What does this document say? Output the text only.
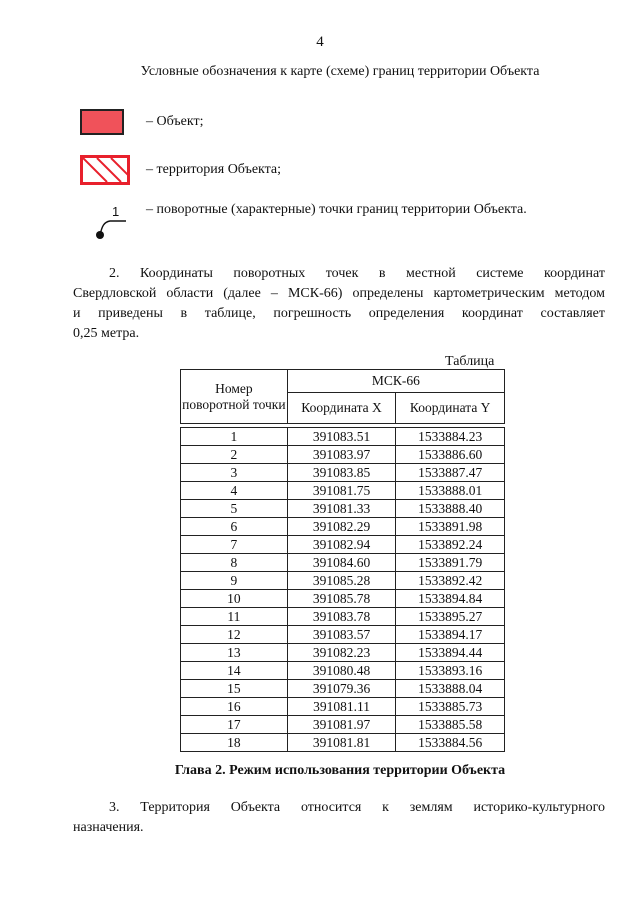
4
Условные обозначения к карте (схеме) границ территории Объекта
– Объект;
– территория Объекта;
1 – поворотные (характерные) точки границ территории Объекта.
2. Координаты поворотных точек в местной системе координат
Свердловской области (далее – МСК-66) определены картометрическим методом
и приведены в таблице, погрешность определения координат составляет
0,25 метра.
Таблица
Номер поворотной точки	МСК-66	
	Координата X	Координата Y

1	391083.51	1533884.23
2	391083.97	1533886.60
3	391083.85	1533887.47
4	391081.75	1533888.01
5	391081.33	1533888.40
6	391082.29	1533891.98
7	391082.94	1533892.24
8	391084.60	1533891.79
9	391085.28	1533892.42
10	391085.78	1533894.84
11	391083.78	1533895.27
12	391083.57	1533894.17
13	391082.23	1533894.44
14	391080.48	1533893.16
15	391079.36	1533888.04
16	391081.11	1533885.73
17	391081.97	1533885.58
18	391081.81	1533884.56
Глава 2. Режим использования территории Объекта
3. Территория Объекта относится к землям историко-культурного
назначения.
